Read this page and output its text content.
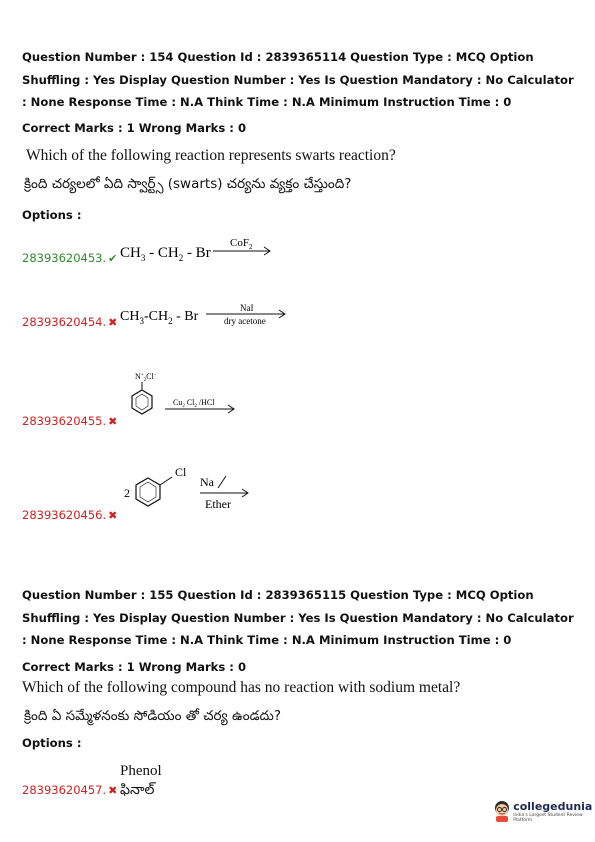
Question Number : 154 Question Id : 2839365114 Question Type : MCQ Option Shuffling : Yes Display Question Number : Yes Is Question Mandatory : No Calculator : None Response Time : N.A Think Time : N.A Minimum Instruction Time : 0
Correct Marks : 1 Wrong Marks : 0
Which of the following reaction represents swarts reaction?
క్రింది చర్యలలో ఏది స్వార్ట్స్ (swarts) చర్యను వ్యక్తం చేస్తుంది?
Options :
28393620453. ✔ $CH_3 - CH_2$ - Br
CoF$_2$
28393620454. ✖ $CH_3-CH_2$ - Br
NaI
dry acetone
28393620455. ✖
$N^+_2Cl^-$
$Cu_2$ $Cl_2$ /HCl
28393620456. ✖
2
Cl
Na
Ether
Question Number : 155 Question Id : 2839365115 Question Type : MCQ Option Shuffling : Yes Display Question Number : Yes Is Question Mandatory : No Calculator : None Response Time : N.A Think Time : N.A Minimum Instruction Time : 0
Correct Marks : 1 Wrong Marks : 0
Which of the following compound has no reaction with sodium metal?
క్రింది ఏ సమ్మేళనంకు సోడియం తో చర్య ఉండదు?
Options :
28393620457. ✖
Phenol
ఫినాల్
collegedunia
India's Largest Student Review Platform
